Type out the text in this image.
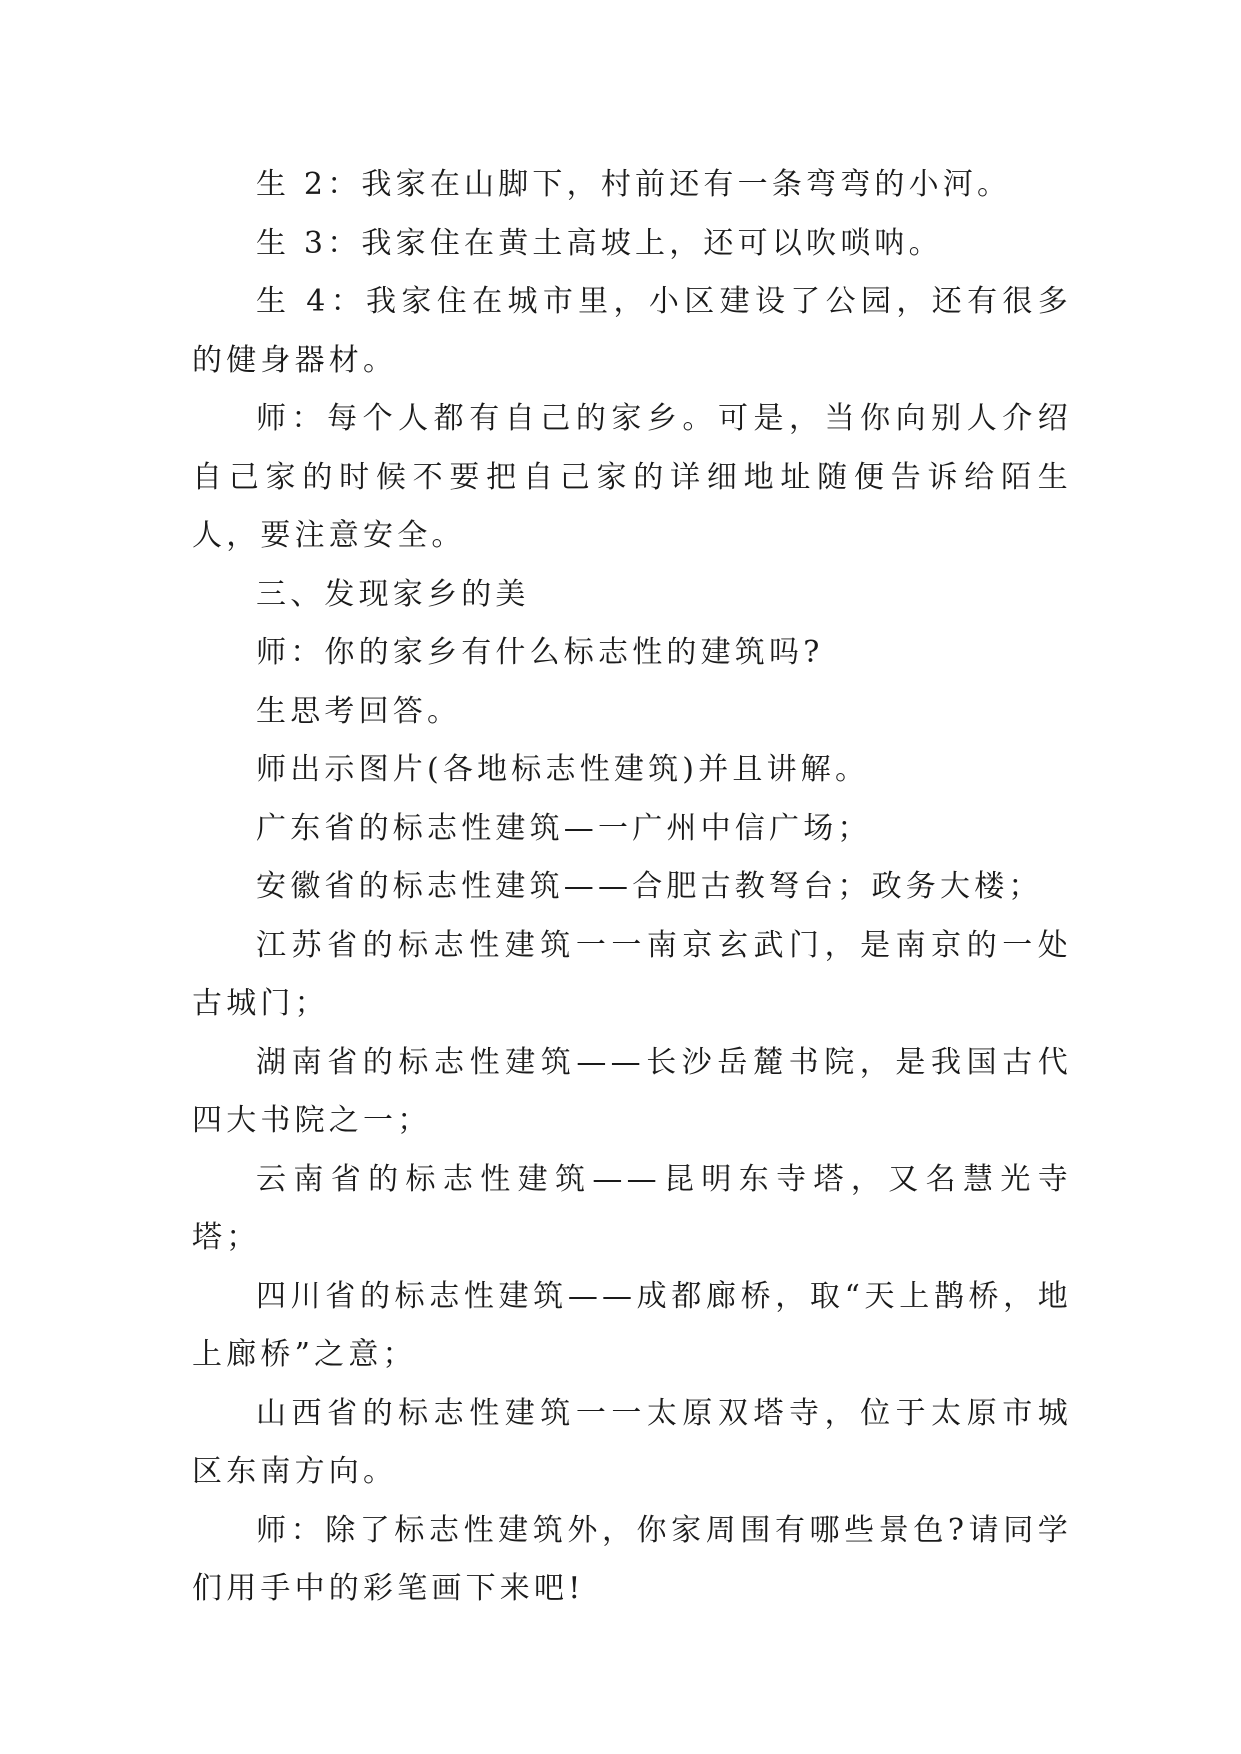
生 2：我家在山脚下，村前还有一条弯弯的小河。

生 3：我家住在黄土高坡上，还可以吹唢呐。

生 4：我家住在城市里，小区建设了公园，还有很多的健身器材。

师：每个人都有自己的家乡。可是，当你向别人介绍自己家的时候不要把自己家的详细地址随便告诉给陌生人，要注意安全。

三、发现家乡的美

师：你的家乡有什么标志性的建筑吗?

生思考回答。

师出示图片(各地标志性建筑)并且讲解。

广东省的标志性建筑—一广州中信广场；

安徽省的标志性建筑——合肥古教弩台；政务大楼；

江苏省的标志性建筑一一南京玄武门，是南京的一处古城门；

湖南省的标志性建筑——长沙岳麓书院，是我国古代四大书院之一；

云南省的标志性建筑——昆明东寺塔，又名慧光寺塔；

四川省的标志性建筑——成都廊桥，取“天上鹊桥，地上廊桥”之意；

山西省的标志性建筑一一太原双塔寺，位于太原市城区东南方向。

师：除了标志性建筑外，你家周围有哪些景色?请同学们用手中的彩笔画下来吧!
